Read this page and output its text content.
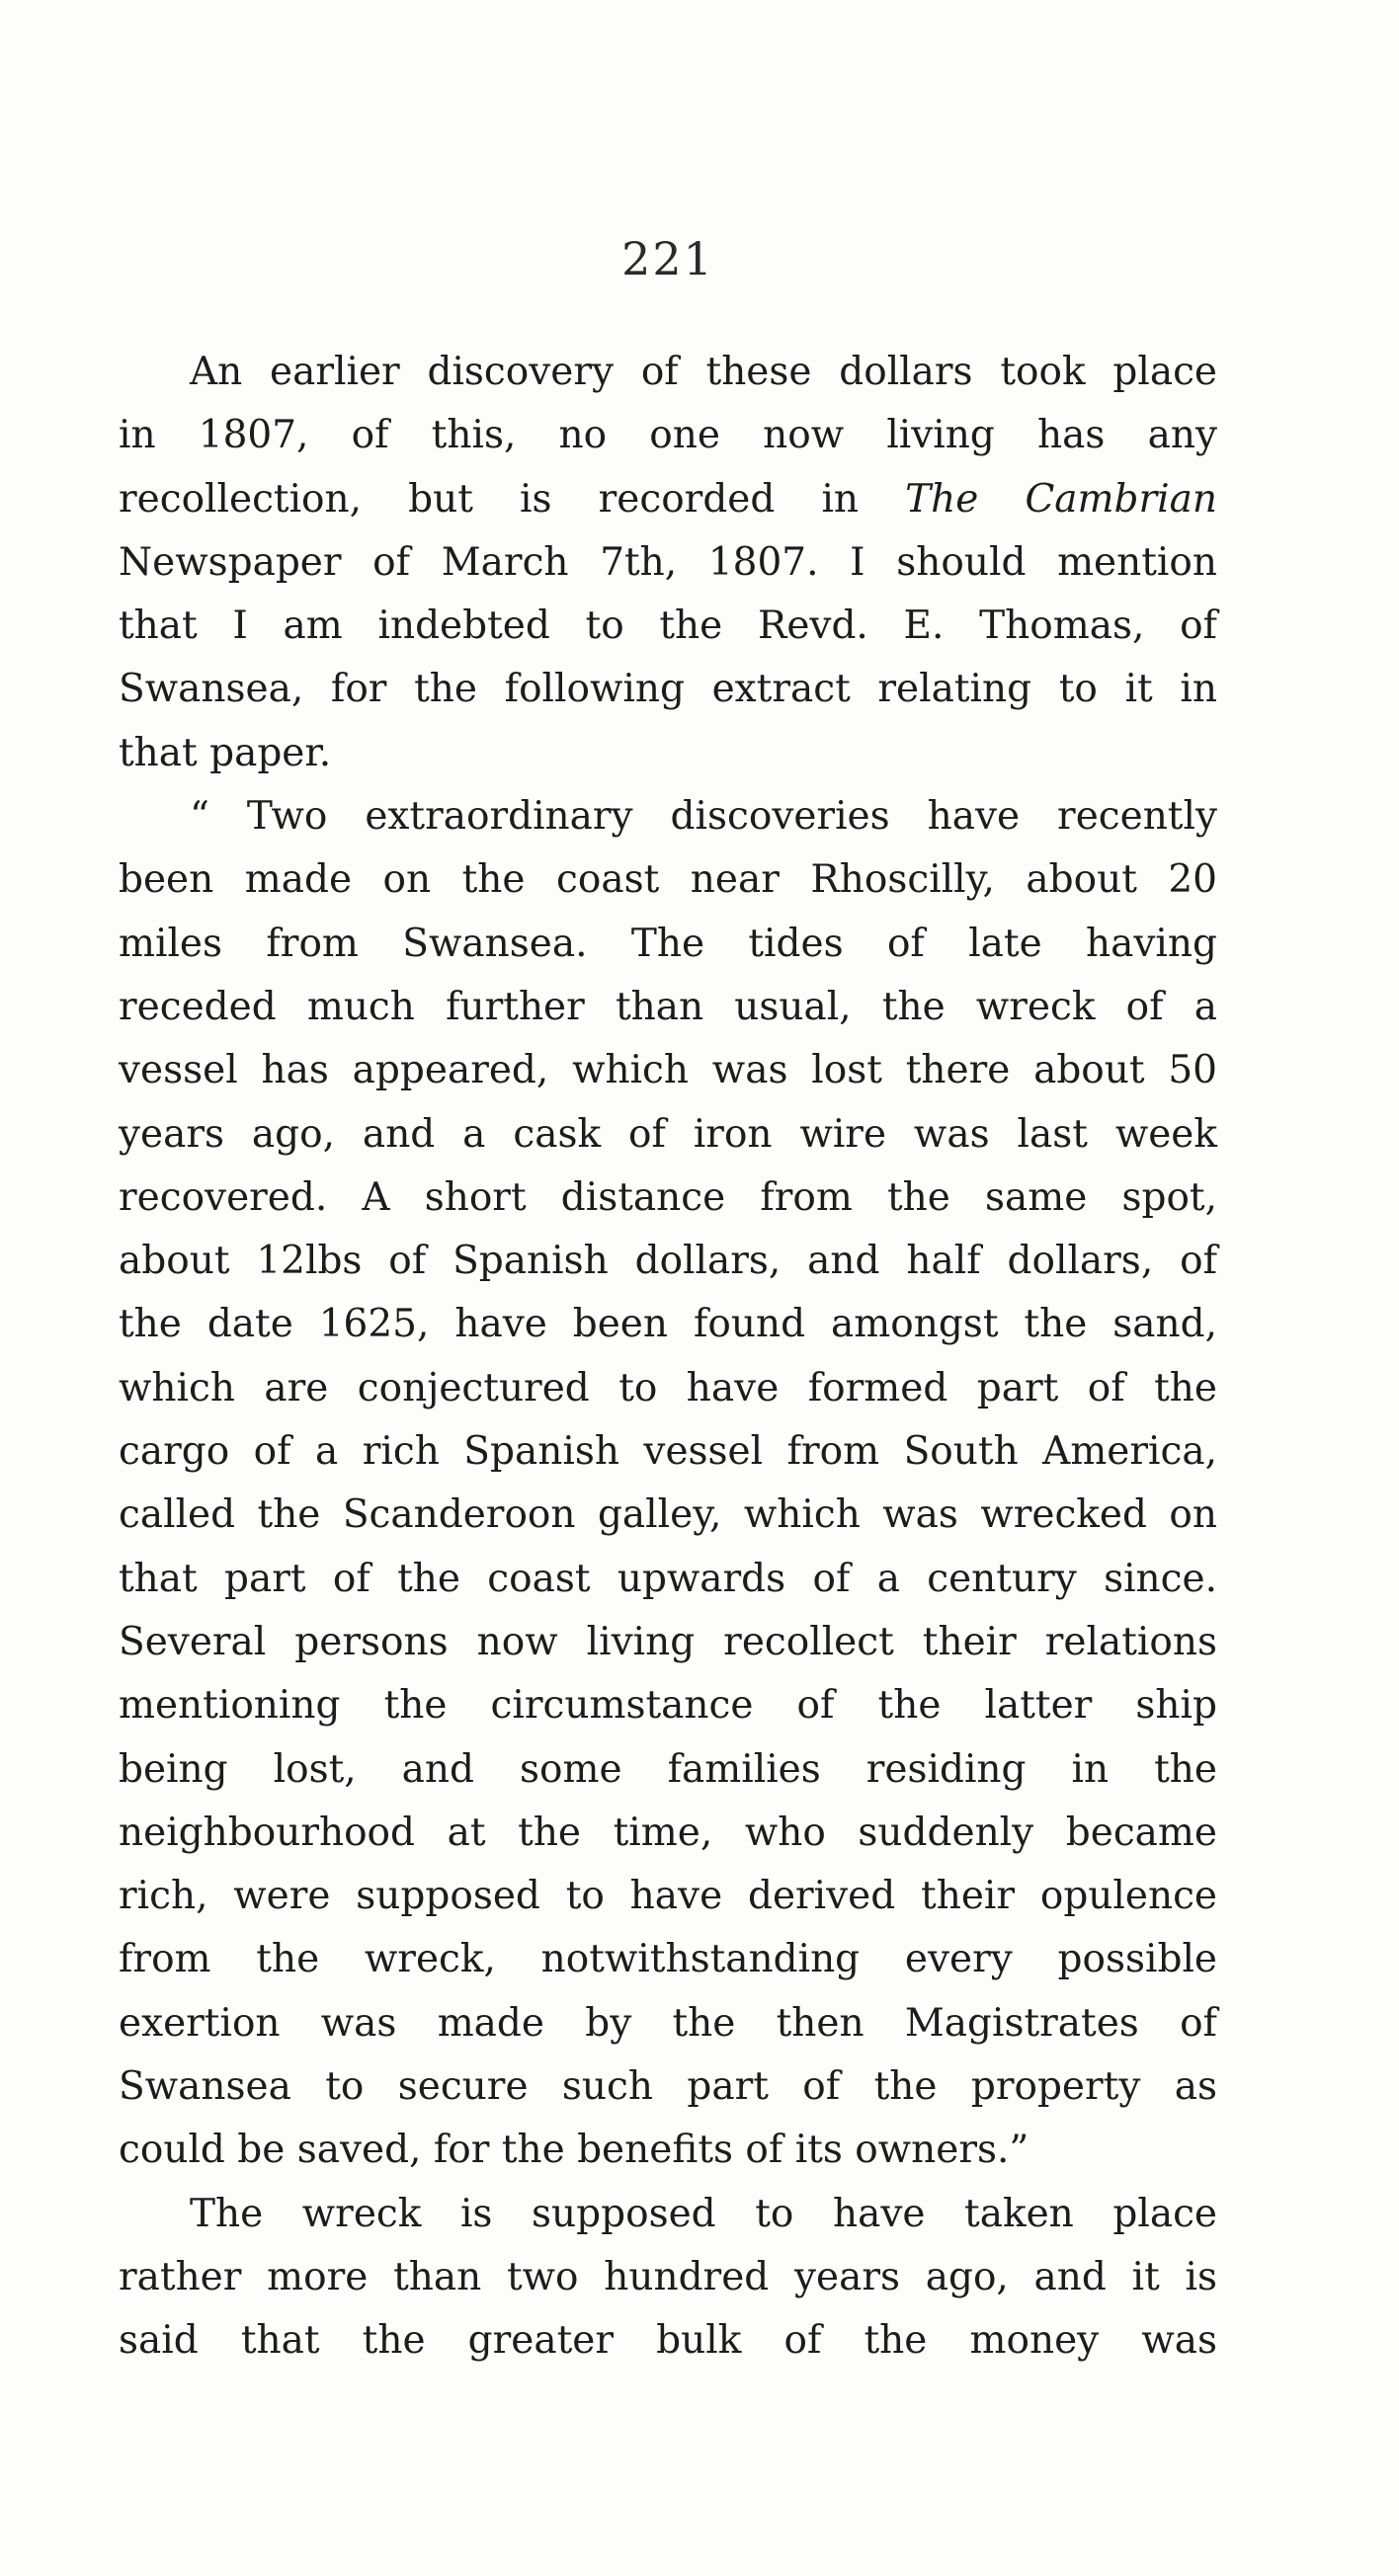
221
An earlier discovery of these dollars took place
in 1807, of this, no one now living has any
recollection, but is recorded in The Cambrian
Newspaper of March 7th, 1807. I should mention
that I am indebted to the Revd. E. Thomas, of
Swansea, for the following extract relating to it in
that paper.
“ Two extraordinary discoveries have recently
been made on the coast near Rhoscilly, about 20
miles from Swansea. The tides of late having
receded much further than usual, the wreck of a
vessel has appeared, which was lost there about 50
years ago, and a cask of iron wire was last week
recovered. A short distance from the same spot,
about 12lbs of Spanish dollars, and half dollars, of
the date 1625, have been found amongst the sand,
which are conjectured to have formed part of the
cargo of a rich Spanish vessel from South America,
called the Scanderoon galley, which was wrecked on
that part of the coast upwards of a century since.
Several persons now living recollect their relations
mentioning the circumstance of the latter ship
being lost, and some families residing in the
neighbourhood at the time, who suddenly became
rich, were supposed to have derived their opulence
from the wreck, notwithstanding every possible
exertion was made by the then Magistrates of
Swansea to secure such part of the property as
could be saved, for the benefits of its owners.”
The wreck is supposed to have taken place
rather more than two hundred years ago, and it is
said that the greater bulk of the money was
